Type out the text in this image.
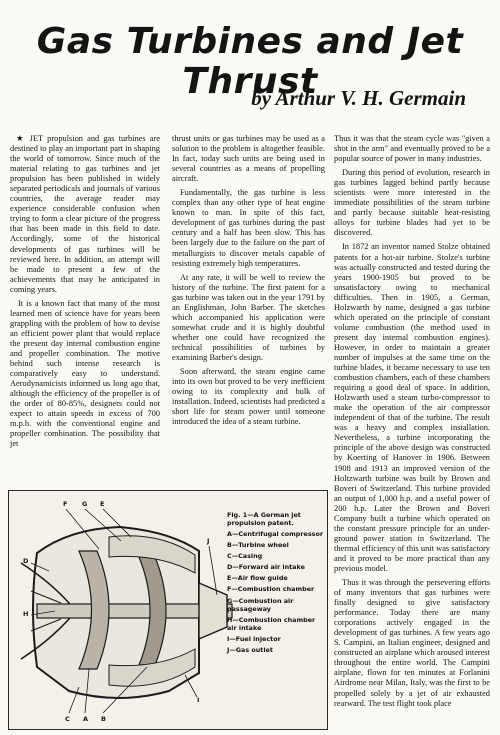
Gas Turbines and Jet Thrust
by Arthur V. H. Germain

★ JET propulsion and gas turbines are destined to play an important part in shaping the world of tomorrow. Since much of the material relating to gas turbines and jet propulsion has been published in widely separated periodicals and journals of various countries, the average reader may experience considerable confusion when trying to form a clear picture of the progress that has been made in this field to date. Accordingly, some of the historical developments of gas turbines will be reviewed here. In addition, an attempt will be made to present a few of the achievements that may be anticipated in coming years.

It is a known fact that many of the most learned men of science have for years been grappling with the problem of how to devise an efficient power plant that would replace the present day internal combustion engine and propeller combination. The motive behind such intense research is comparatively easy to understand. Aerodynamicists informed us long ago that, although the efficiency of the propeller is of the order of 80-85%, designers could not expect to attain speeds in excess of 700 m.p.h. with the conventional engine and propeller combination. The possibility that jet

thrust units or gas turbines may be used as a solution to the problem is altogether feasible. In fact, today such units are being used in several countries as a means of propelling aircraft.

Fundamentally, the gas turbine is less complex than any other type of heat engine known to man. In spite of this fact, development of gas turbines during the past century and a half has been slow. This has been largely due to the failure on the part of metallurgists to discover metals capable of resisting extremely high temperatures.

At any rate, it will be well to review the history of the turbine. The first patent for a gas turbine was taken out in the year 1791 by an Englishman, John Barber. The sketches which accompanied his application were somewhat crude and it is highly doubtful whether one could have recognized the technical possibilities of turbines by examining Barber's design.

Soon afterward, the steam engine came into its own but proved to be very inefficient owing to its complexity and bulk of installation. Indeed, scientists had predicted a short life for steam power until someone introduced the idea of a steam turbine.

Thus it was that the steam cycle was "given a shot in the arm" and eventually proved to be a popular source of power in many industries.

During this period of evolution, research in gas turbines lagged behind partly because scientists were more interested in the immediate possibilities of the steam turbine and partly because suitable heat-resisting alloys for turbine blades had yet to be discovered.

In 1872 an inventor named Stolze obtained patents for a hot-air turbine. Stolze's turbine was actually constructed and tested during the years 1900-1905 but proved to be unsatisfactory owing to mechanical difficulties. Then in 1905, a German, Holzwarth by name, designed a gas turbine which operated on the principle of constant volume combustion (the method used in present day internal combustion engines). However, in order to maintain a greater number of impulses at the same time on the turbine blades, it became necessary to use ten combustion chambers, each of these chambers requiring a good deal of space. In addition, Holzwarth used a steam turbo-compressor to make the operation of the air compressor independent of that of the turbine. The result was a heavy and complex installation. Nevertheless, a turbine incorporating the principle of the above design was constructed by Koerting of Hanover in 1906. Between 1908 and 1913 an improved version of the Holtzwarth turbine was built by Brown and Boveri of Switzerland. This turbine provided an output of 1,000 h.p. and a useful power of 200 h.p. Later the Brown and Boveri Company built a turbine which operated on the constant pressure principle for an under-ground power station in Switzerland. The thermal efficiency of this unit was satisfactory and it proved to be more practical than any previous model.

Thus it was through the persevering efforts of many inventors that gas turbines were finally designed to give satisfactory performance. Today there are many corporations actively engaged in the development of gas turbines. A few years ago S. Campini, an Italian engineer, designed and constructed an airplane which aroused interest throughout the entire world. The Campini airplane, flown for ten minutes at Forlanini Airdrome near Milan, Italy, was the first to be propelled solely by a jet of air exhausted rearward. The test flight took place

F G E
D
H
J
I
C A B
Fig. 1—A German jet propulsion patent.
A—Centrifugal compressor
B—Turbine wheel
C—Casing
D—Forward air intake
E—Air flow guide
F—Combustion chamber
G—Combustion air passageway
H—Combustion chamber air intake
I—Fuel injector
J—Gas outlet
